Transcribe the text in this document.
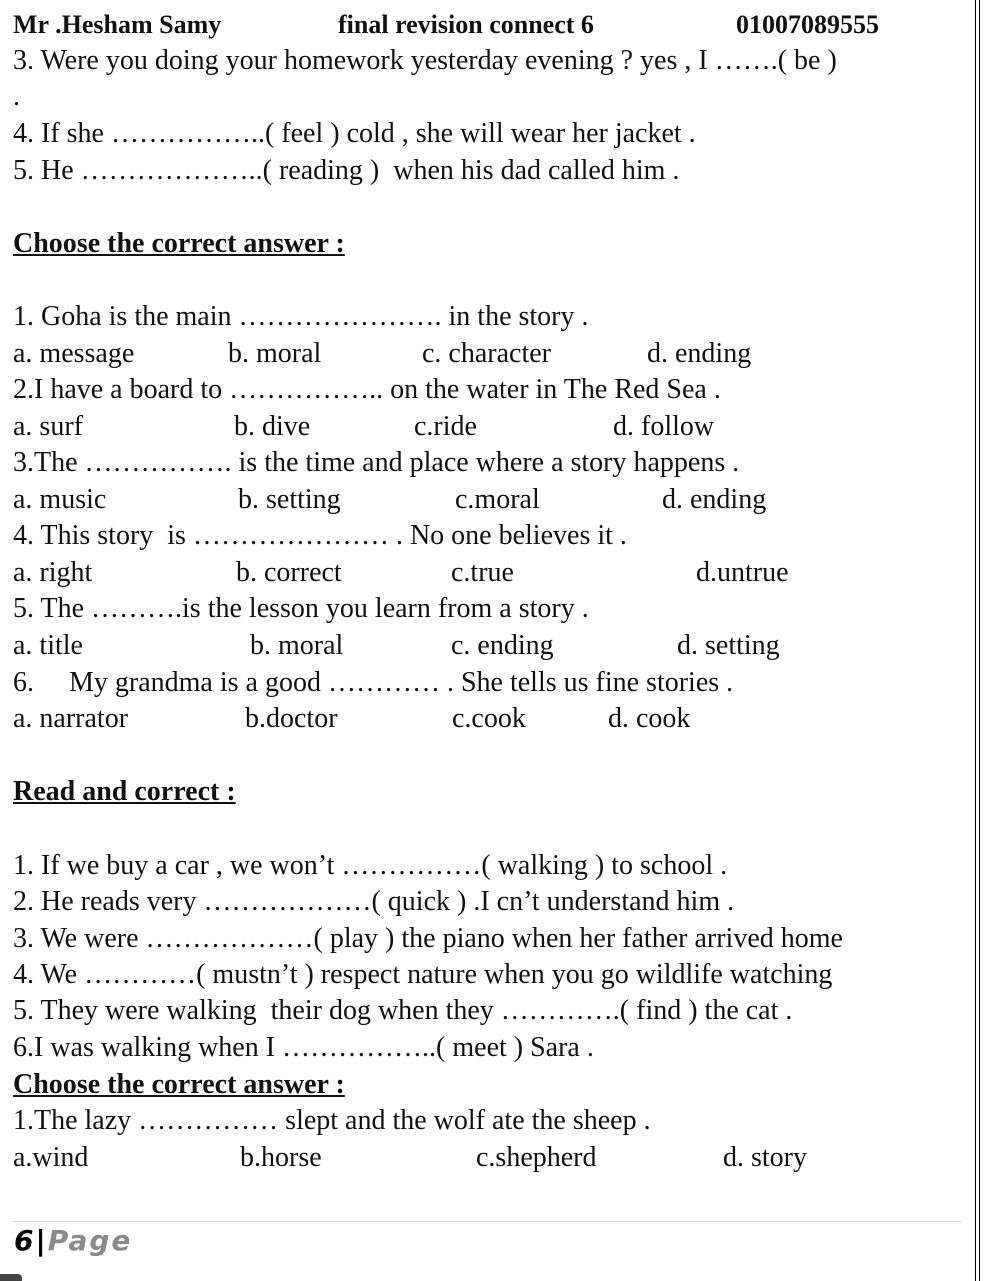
Mr .Hesham Samy	final revision connect 6	01007089555
3. Were you doing your homework yesterday evening ? yes , I …….( be )
.
4. If she ……………..( feel ) cold , she will wear her jacket .
5. He ………………..( reading )  when his dad called him .
Choose the correct answer :
1. Goha is the main …………………. in the story .
a. message	b. moral	c. character	d. ending
2.I have a board to …………….. on the water in The Red Sea .
a. surf	b. dive	c.ride	d. follow
3.The ……………. is the time and place where a story happens .
a. music	b. setting	c.moral	d. ending
4. This story  is ………………… . No one believes it .
a. right	b. correct	c.true	d.untrue
5. The ……….is the lesson you learn from a story .
a. title	b. moral	c. ending	d. setting
6.     My grandma is a good ………… . She tells us fine stories .
a. narrator	b.doctor	c.cook	d. cook
Read and correct :
1. If we buy a car , we won’t ……………( walking ) to school .
2. He reads very ………………( quick ) .I cn’t understand him .
3. We were ………………( play ) the piano when her father arrived home
4. We …………( mustn’t ) respect nature when you go wildlife watching
5. They were walking  their dog when they ………….( find ) the cat .
6.I was walking when I ……………..( meet ) Sara .
Choose the correct answer :
1.The lazy …………… slept and the wolf ate the sheep .
a.wind	b.horse	c.shepherd	d. story
6|Page
